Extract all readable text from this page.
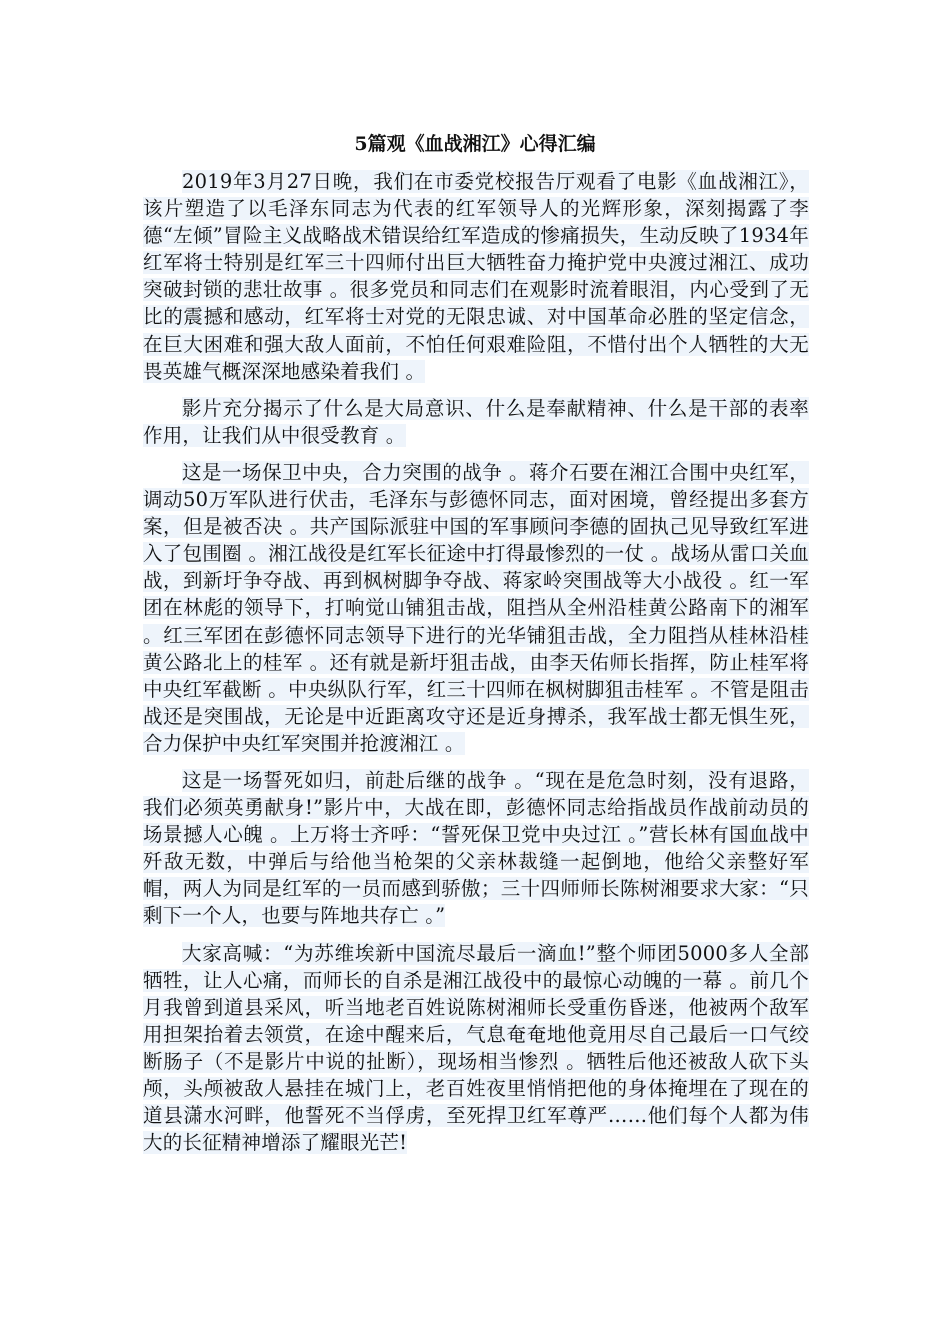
5篇观《血战湘江》心得汇编

2019年3月27日晚，我们在市委党校报告厅观看了电影《血战湘江》，该片塑造了以毛泽东同志为代表的红军领导人的光辉形象，深刻揭露了李德“左倾”冒险主义战略战术错误给红军造成的惨痛损失，生动反映了1934年红军将士特别是红军三十四师付出巨大牺牲奋力掩护党中央渡过湘江、成功突破封锁的悲壮故事 。很多党员和同志们在观影时流着眼泪，内心受到了无比的震撼和感动，红军将士对党的无限忠诚、对中国革命必胜的坚定信念，在巨大困难和强大敌人面前，不怕任何艰难险阻，不惜付出个人牺牲的大无畏英雄气概深深地感染着我们 。

影片充分揭示了什么是大局意识、什么是奉献精神、什么是干部的表率作用，让我们从中很受教育 。

这是一场保卫中央，合力突围的战争 。蒋介石要在湘江合围中央红军，调动50万军队进行伏击，毛泽东与彭德怀同志，面对困境，曾经提出多套方案，但是被否决 。共产国际派驻中国的军事顾问李德的固执己见导致红军进入了包围圈 。湘江战役是红军长征途中打得最惨烈的一仗 。战场从雷口关血战，到新圩争夺战、再到枫树脚争夺战、蒋家岭突围战等大小战役 。红一军团在林彪的领导下，打响觉山铺狙击战，阻挡从全州沿桂黄公路南下的湘军 。红三军团在彭德怀同志领导下进行的光华铺狙击战，全力阻挡从桂林沿桂黄公路北上的桂军 。还有就是新圩狙击战，由李天佑师长指挥，防止桂军将中央红军截断 。中央纵队行军，红三十四师在枫树脚狙击桂军 。不管是阻击战还是突围战，无论是中近距离攻守还是近身搏杀，我军战士都无惧生死，合力保护中央红军突围并抢渡湘江 。

这是一场誓死如归，前赴后继的战争 。“现在是危急时刻，没有退路，我们必须英勇献身!”影片中，大战在即，彭德怀同志给指战员作战前动员的场景撼人心魄 。上万将士齐呼：“誓死保卫党中央过江 。”营长林有国血战中歼敌无数，中弹后与给他当枪架的父亲林裁缝一起倒地，他给父亲整好军帽，两人为同是红军的一员而感到骄傲；三十四师师长陈树湘要求大家：“只剩下一个人，也要与阵地共存亡 。”

大家高喊：“为苏维埃新中国流尽最后一滴血!”整个师团5000多人全部牺牲，让人心痛，而师长的自杀是湘江战役中的最惊心动魄的一幕 。前几个月我曾到道县采风，听当地老百姓说陈树湘师长受重伤昏迷，他被两个敌军用担架抬着去领赏，在途中醒来后，气息奄奄地他竟用尽自己最后一口气绞断肠子（不是影片中说的扯断），现场相当惨烈 。牺牲后他还被敌人砍下头颅，头颅被敌人悬挂在城门上，老百姓夜里悄悄把他的身体掩埋在了现在的道县潇水河畔，他誓死不当俘虏，至死捍卫红军尊严……他们每个人都为伟大的长征精神增添了耀眼光芒!
